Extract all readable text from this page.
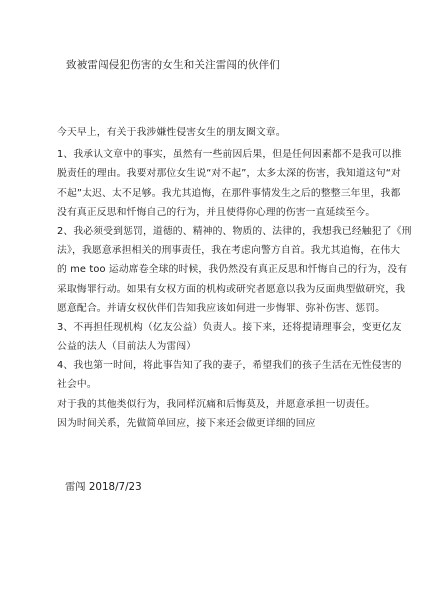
致被雷闯侵犯伤害的女生和关注雷闯的伙伴们
今天早上，有关于我涉嫌性侵害女生的朋友圈文章。
1、我承认文章中的事实，虽然有一些前因后果，但是任何因素都不是我可以推
脱责任的理由。我要对那位女生说“对不起”，太多太深的伤害，我知道这句“对
不起”太迟、太不足够。我尤其追悔，在那件事情发生之后的整整三年里，我都
没有真正反思和忏悔自己的行为，并且使得你心理的伤害一直延续至今。
2、我必须受到惩罚，道德的、精神的、物质的、法律的，我想我已经触犯了《刑
法》，我愿意承担相关的刑事责任，我在考虑向警方自首。我尤其追悔，在伟大
的 me too 运动席卷全球的时候，我仍然没有真正反思和忏悔自己的行为，没有
采取悔罪行动。如果有女权方面的机构或研究者愿意以我为反面典型做研究，我
愿意配合。并请女权伙伴们告知我应该如何进一步悔罪、弥补伤害、惩罚。
3、不再担任现机构（亿友公益）负责人。接下来，还将提请理事会，变更亿友
公益的法人（目前法人为雷闯）
4、我也第一时间，将此事告知了我的妻子，希望我们的孩子生活在无性侵害的
社会中。
对于我的其他类似行为，我同样沉痛和后悔莫及，并愿意承担一切责任。
因为时间关系，先做简单回应，接下来还会做更详细的回应
雷闯 2018/7/23
